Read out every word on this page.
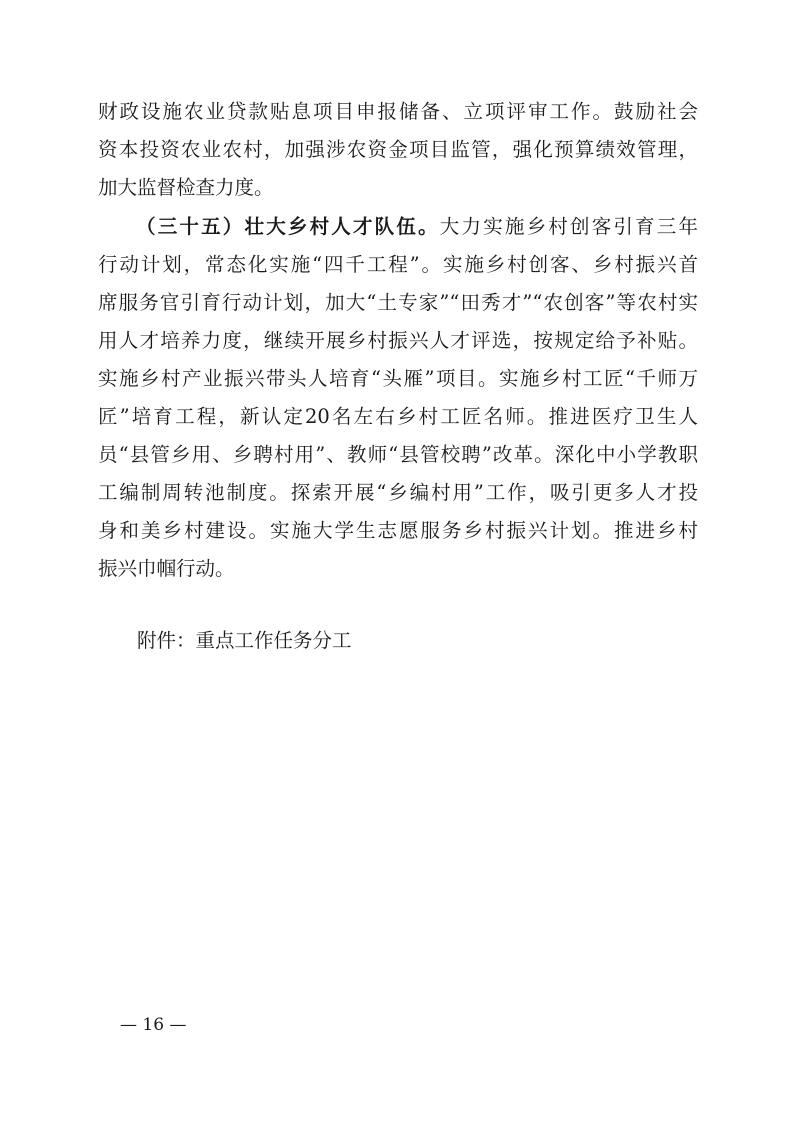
财政设施农业贷款贴息项目申报储备、立项评审工作。鼓励社会
资本投资农业农村，加强涉农资金项目监管，强化预算绩效管理，
加大监督检查力度。
（三十五）壮大乡村人才队伍。大力实施乡村创客引育三年
行动计划，常态化实施“四千工程”。实施乡村创客、乡村振兴首
席服务官引育行动计划，加大“土专家”“田秀才”“农创客”等农村实
用人才培养力度，继续开展乡村振兴人才评选，按规定给予补贴。
实施乡村产业振兴带头人培育“头雁”项目。实施乡村工匠“千师万
匠”培育工程，新认定20名左右乡村工匠名师。推进医疗卫生人
员“县管乡用、乡聘村用”、教师“县管校聘”改革。深化中小学教职
工编制周转池制度。探索开展“乡编村用”工作，吸引更多人才投
身和美乡村建设。实施大学生志愿服务乡村振兴计划。推进乡村
振兴巾帼行动。
附件：重点工作任务分工
— 16 —
